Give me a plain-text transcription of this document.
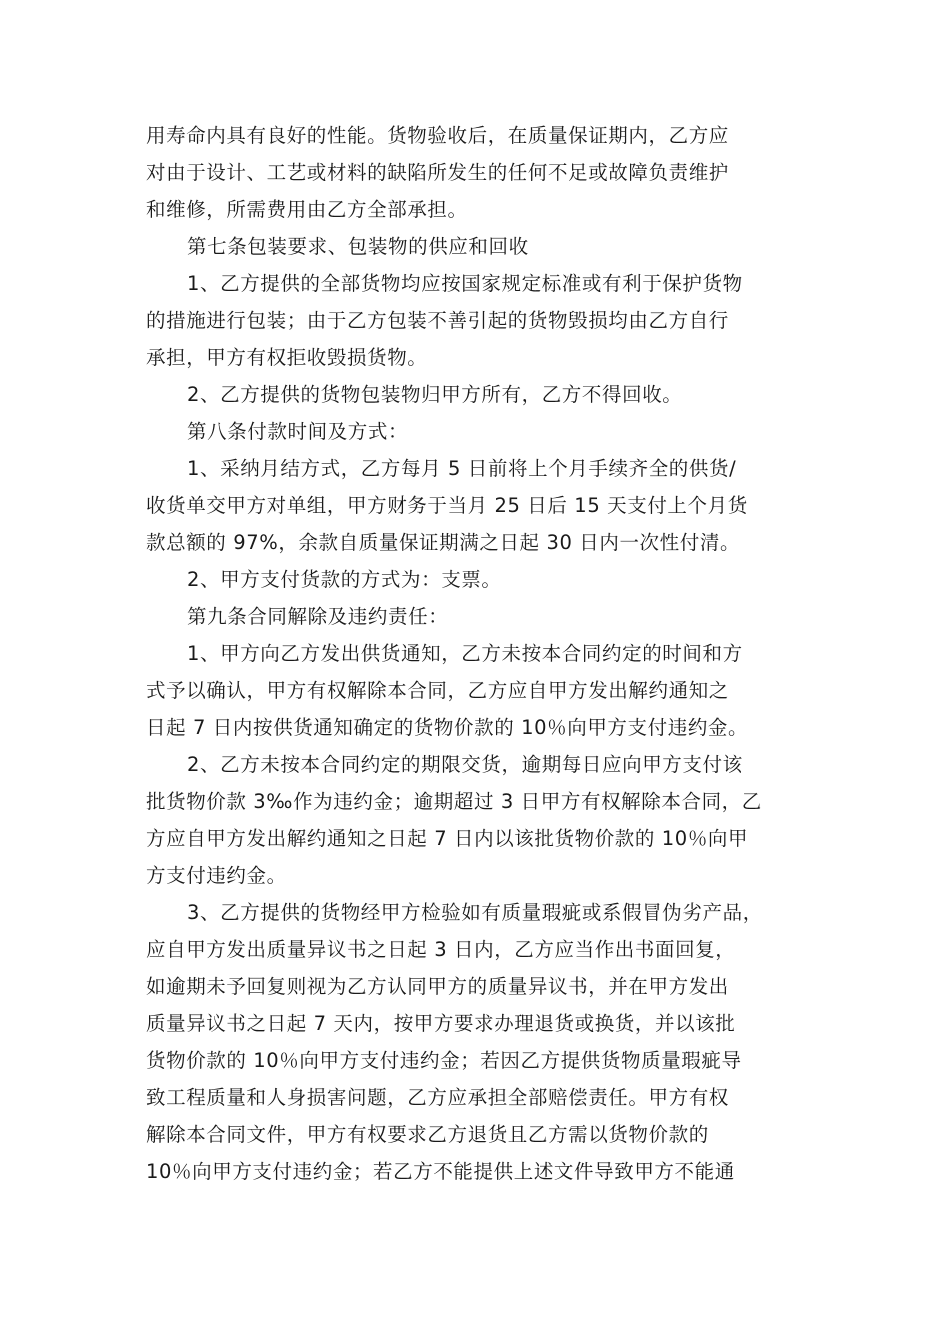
用寿命内具有良好的性能。货物验收后，在质量保证期内，乙方应
对由于设计、工艺或材料的缺陷所发生的任何不足或故障负责维护
和维修，所需费用由乙方全部承担。
第七条包装要求、包装物的供应和回收
1、乙方提供的全部货物均应按国家规定标准或有利于保护货物
的措施进行包装；由于乙方包装不善引起的货物毁损均由乙方自行
承担，甲方有权拒收毁损货物。
2、乙方提供的货物包装物归甲方所有，乙方不得回收。
第八条付款时间及方式：
1、采纳月结方式，乙方每月 5 日前将上个月手续齐全的供货/
收货单交甲方对单组，甲方财务于当月 25 日后 15 天支付上个月货
款总额的 97%，余款自质量保证期满之日起 30 日内一次性付清。
2、甲方支付货款的方式为：支票。
第九条合同解除及违约责任：
1、甲方向乙方发出供货通知，乙方未按本合同约定的时间和方
式予以确认，甲方有权解除本合同，乙方应自甲方发出解约通知之
日起 7 日内按供货通知确定的货物价款的 10％向甲方支付违约金。
2、乙方未按本合同约定的期限交货，逾期每日应向甲方支付该
批货物价款 3‰作为违约金；逾期超过 3 日甲方有权解除本合同，乙
方应自甲方发出解约通知之日起 7 日内以该批货物价款的 10％向甲
方支付违约金。
3、乙方提供的货物经甲方检验如有质量瑕疵或系假冒伪劣产品，
应自甲方发出质量异议书之日起 3 日内，乙方应当作出书面回复，
如逾期未予回复则视为乙方认同甲方的质量异议书，并在甲方发出
质量异议书之日起 7 天内，按甲方要求办理退货或换货，并以该批
货物价款的 10％向甲方支付违约金；若因乙方提供货物质量瑕疵导
致工程质量和人身损害问题，乙方应承担全部赔偿责任。甲方有权
解除本合同文件，甲方有权要求乙方退货且乙方需以货物价款的
10％向甲方支付违约金；若乙方不能提供上述文件导致甲方不能通
